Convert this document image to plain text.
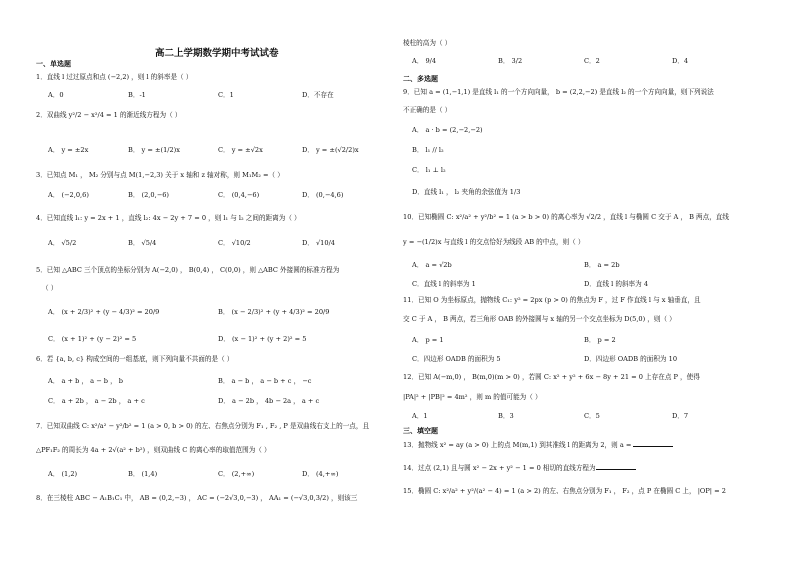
高二上学期数学期中考试试卷
一、单选题
1．直线 l 过过原点和点 (−2,2) ，则 l 的斜率是（ ）
A．0	B．-1	C．1	D．不存在
2．双曲线 y²/2 − x²/4 = 1 的渐近线方程为（ ）
A． y = ±2x	B． y = ±(1/2)x	C． y = ±√2x	D． y = ±(√2/2)x
3．已知点 M₁ ， M₂ 分别与点 M(1,−2,3) 关于 x 轴和 z 轴对称，则 M₁M₂ =（ ）
A． (−2,0,6)	B． (2,0,−6)	C． (0,4,−6)	D． (0,−4,6)
4．已知直线 l₁: y = 2x + 1 ，直线 l₂: 4x − 2y + 7 = 0 ，则 l₁ 与 l₂ 之间的距离为（ ）
A． √5/2	B． √5/4	C． √10/2	D． √10/4
5．已知 △ABC 三个顶点的坐标分别为 A(−2,0) ， B(0,4) ， C(0,0) ，则 △ABC 外接圆的标准方程为
（ ）
A． (x + 2/3)² + (y − 4/3)² = 20/9	B． (x − 2/3)² + (y + 4/3)² = 20/9
C． (x + 1)² + (y − 2)² = 5	D． (x − 1)² + (y + 2)² = 5
6．若 {a, b, c} 构成空间的一组基底，则下列向量不共面的是（ ）
A． a + b ， a − b ， b	B． a − b ， a − b + c ， −c
C． a + 2b ， a − 2b ， a + c	D． a − 2b ， 4b − 2a ， a + c
7．已知双曲线 C: x²/a² − y²/b² = 1 (a > 0, b > 0) 的左、右焦点分别为 F₁ , F₂ , P 是双曲线右支上的一点，且
△PF₁F₂ 的周长为 4a + 2√(a² + b²) ，则双曲线 C 的离心率的取值范围为（ ）
A． (1,2)	B． (1,4)	C． (2,+∞)	D． (4,+∞)
8．在三棱柱 ABC − A₁B₁C₁ 中， AB = (0,2,−3) ， AC = (−2√3,0,−3) ， AA₁ = (−√3,0,3/2) ，则该三
棱柱的高为（ ）
A． 9/4	B． 3/2	C．2	D．4
二、多选题
9．已知 a = (1,−1,1) 是直线 l₁ 的一个方向向量， b = (2,2,−2) 是直线 l₂ 的一个方向向量，则下列说法
不正确的是（ ）
A． a · b = (2,−2,−2)
B． l₁ // l₂
C． l₁ ⊥ l₂
D．直线 l₁ ， l₂ 夹角的余弦值为 1/3
10．已知椭圆 C: x²/a² + y²/b² = 1 (a > b > 0) 的离心率为 √2/2 ，直线 l 与椭圆 C 交于 A ， B 两点，直线
y = −(1/2)x 与直线 l 的交点恰好为线段 AB 的中点，则（ ）
A． a = √2b	B． a = 2b
C．直线 l 的斜率为 1	D．直线 l 的斜率为 4
11．已知 O 为坐标原点，抛物线 C₁: y² = 2px (p > 0) 的焦点为 F ，过 F 作直线 l 与 x 轴垂直，且
交 C 于 A ， B 两点，若三角形 OAB 的外接圆与 x 轴的另一个交点坐标为 D(5,0) ，则（ ）
A． p = 1	B． p = 2
C．四边形 OADB 的面积为 5	D．四边形 OADB 的面积为 10
12．已知 A(−m,0) ， B(m,0)(m > 0) ，若圆 C: x² + y² + 6x − 8y + 21 = 0 上存在点 P ，使得
|PA|² + |PB|² = 4m² ，则 m 的值可能为（ ）
A．1	B．3	C．5	D．7
三、填空题
13．抛物线 x² = ay (a > 0) 上的点 M(m,1) 到其准线 l 的距离为 2，则 a =
14．过点 (2,1) 且与圆 x² − 2x + y² − 1 = 0 相切的直线方程为
15．椭圆 C: x²/a² + y²/(a² − 4) = 1 (a > 2) 的左、右焦点分别为 F₁ ， F₂ ，点 P 在椭圆 C 上， |OP| = 2
